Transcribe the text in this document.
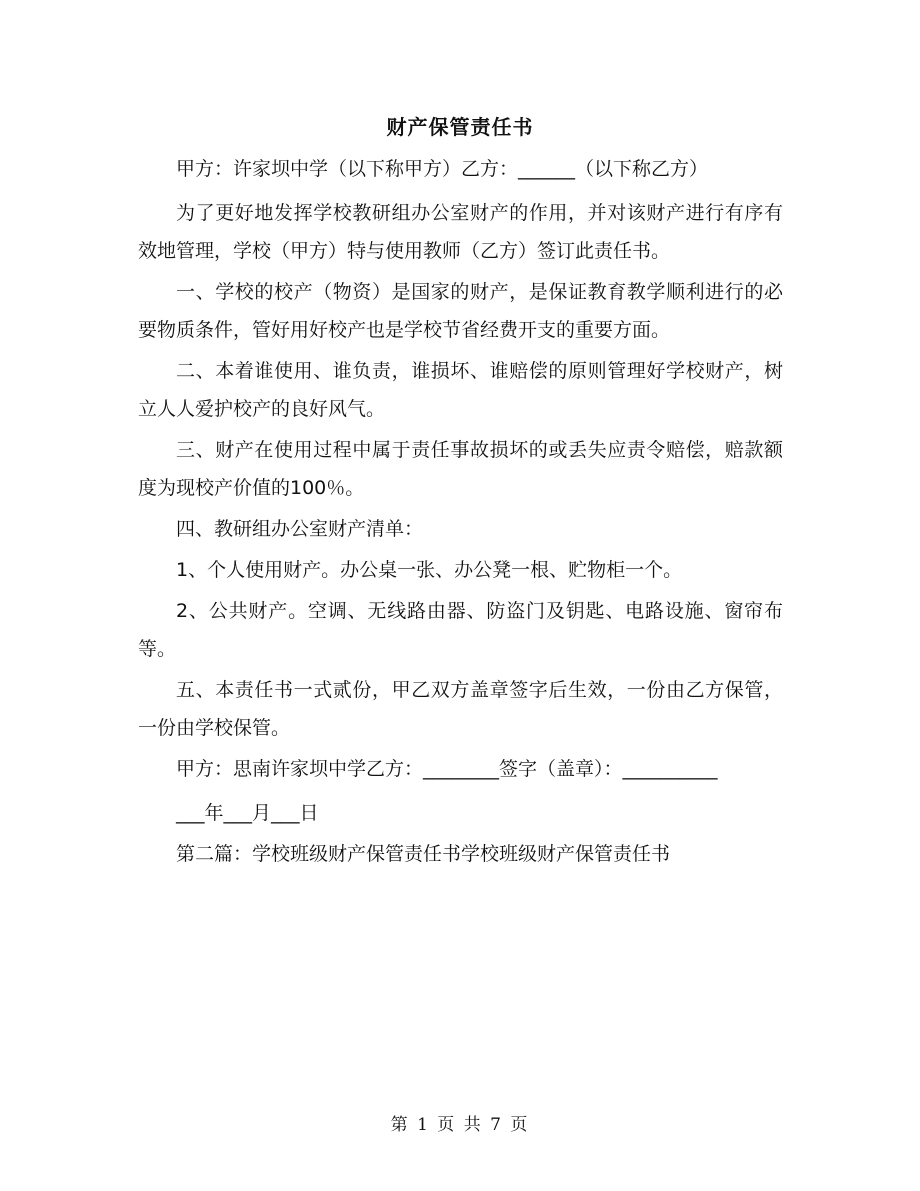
财产保管责任书

甲方：许家坝中学（以下称甲方）乙方：______（以下称乙方）

为了更好地发挥学校教研组办公室财产的作用，并对该财产进行有序有效地管理，学校（甲方）特与使用教师（乙方）签订此责任书。

一、学校的校产（物资）是国家的财产，是保证教育教学顺利进行的必要物质条件，管好用好校产也是学校节省经费开支的重要方面。

二、本着谁使用、谁负责，谁损坏、谁赔偿的原则管理好学校财产，树立人人爱护校产的良好风气。

三、财产在使用过程中属于责任事故损坏的或丢失应责令赔偿，赔款额度为现校产价值的100％。

四、教研组办公室财产清单：

1、个人使用财产。办公桌一张、办公凳一根、贮物柜一个。

2、公共财产。空调、无线路由器、防盗门及钥匙、电路设施、窗帘布等。

五、本责任书一式贰份，甲乙双方盖章签字后生效，一份由乙方保管，一份由学校保管。

甲方：思南许家坝中学乙方：________签字（盖章）：__________

___年___月___日

第二篇：学校班级财产保管责任书学校班级财产保管责任书

第 1 页 共 7 页
